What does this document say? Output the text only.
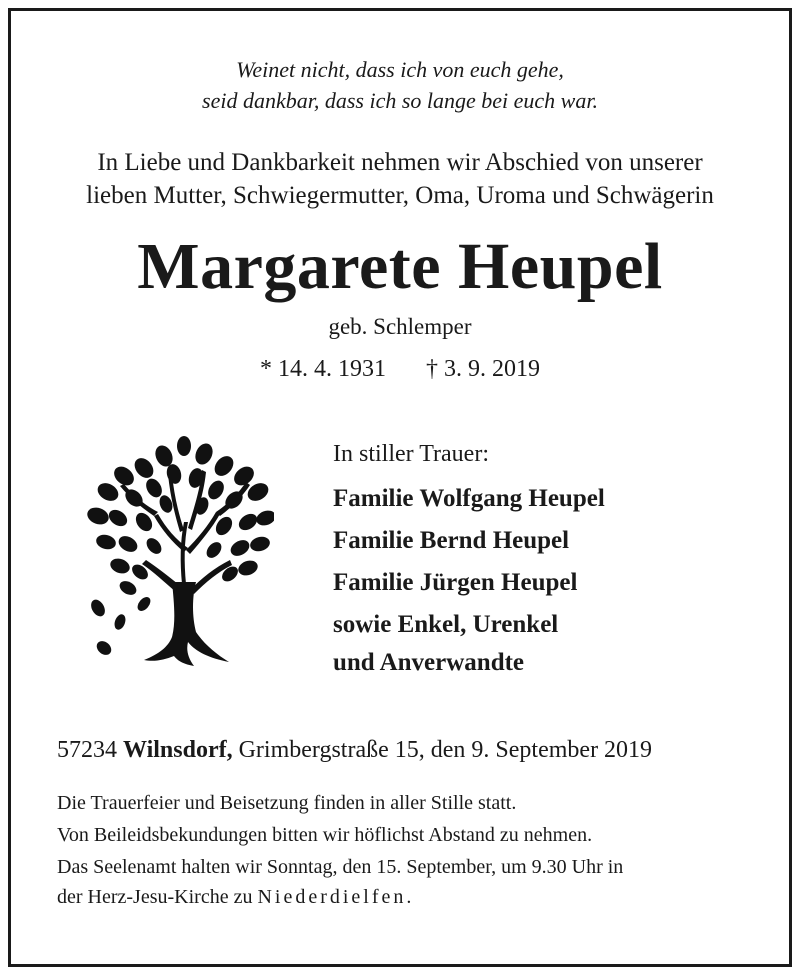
Weinet nicht, dass ich von euch gehe,
seid dankbar, dass ich so lange bei euch war.
In Liebe und Dankbarkeit nehmen wir Abschied von unserer
lieben Mutter, Schwiegermutter, Oma, Uroma und Schwägerin
Margarete Heupel
geb. Schlemper
* 14. 4. 1931 † 3. 9. 2019
In stiller Trauer:
Familie Wolfgang Heupel
Familie Bernd Heupel
Familie Jürgen Heupel
sowie Enkel, Urenkel
und Anverwandte
57234 Wilnsdorf, Grimbergstraße 15, den 9. September 2019

Die Trauerfeier und Beisetzung finden in aller Stille statt.

Von Beileidsbekundungen bitten wir höflichst Abstand zu nehmen.

Das Seelenamt halten wir Sonntag, den 15. September, um 9.30 Uhr in
der Herz-Jesu-Kirche zu Niederdielfen.
